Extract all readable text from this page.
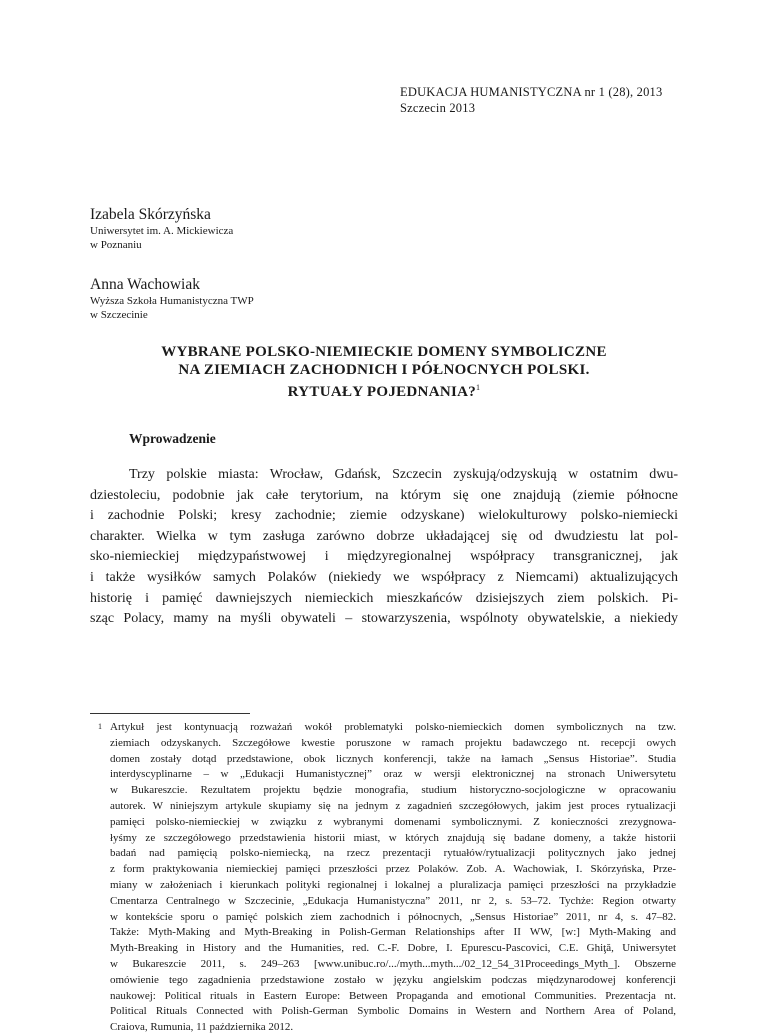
EDUKACJA HUMANISTYCZNA nr 1 (28), 2013
Szczecin 2013
Izabela Skórzyńska
Uniwersytet im. A. Mickiewicza
w Poznaniu
Anna Wachowiak
Wyższa Szkoła Humanistyczna TWP
w Szczecinie
WYBRANE POLSKO-NIEMIECKIE DOMENY SYMBOLICZNE
NA ZIEMIACH ZACHODNICH I PÓŁNOCNYCH POLSKI.
RYTUAŁY POJEDNANIA?$^1$
Wprowadzenie
Trzy polskie miasta: Wrocław, Gdańsk, Szczecin zyskują/odzyskują w ostatnim dwu-
dziestoleciu, podobnie jak całe terytorium, na którym się one znajdują (ziemie północne
i zachodnie Polski; kresy zachodnie; ziemie odzyskane) wielokulturowy polsko-niemiecki
charakter. Wielka w tym zasługa zarówno dobrze układającej się od dwudziestu lat pol-
sko-niemieckiej międzypaństwowej i międzyregionalnej współpracy transgranicznej, jak
i także wysiłków samych Polaków (niekiedy we współpracy z Niemcami) aktualizujących
historię i pamięć dawniejszych niemieckich mieszkańców dzisiejszych ziem polskich. Pi-
sząc Polacy, mamy na myśli obywateli – stowarzyszenia, wspólnoty obywatelskie, a niekiedy
1 Artykuł jest kontynuacją rozważań wokół problematyki polsko-niemieckich domen symbolicznych na tzw.
ziemiach odzyskanych. Szczegółowe kwestie poruszone w ramach projektu badawczego nt. recepcji owych
domen zostały dotąd przedstawione, obok licznych konferencji, także na łamach „Sensus Historiae”. Studia
interdyscyplinarne – w „Edukacji Humanistycznej” oraz w wersji elektronicznej na stronach Uniwersytetu
w Bukareszcie. Rezultatem projektu będzie monografia, studium historyczno-socjologiczne w opracowaniu
autorek. W niniejszym artykule skupiamy się na jednym z zagadnień szczegółowych, jakim jest proces rytualizacji
pamięci polsko-niemieckiej w związku z wybranymi domenami symbolicznymi. Z konieczności zrezygnowa-
łyśmy ze szczegółowego przedstawienia historii miast, w których znajdują się badane domeny, a także historii
badań nad pamięcią polsko-niemiecką, na rzecz prezentacji rytuałów/rytualizacji politycznych jako jednej
z form praktykowania niemieckiej pamięci przeszłości przez Polaków. Zob. A. Wachowiak, I. Skórzyńska, Prze-
miany w założeniach i kierunkach polityki regionalnej i lokalnej a pluralizacja pamięci przeszłości na przykładzie
Cmentarza Centralnego w Szczecinie, „Edukacja Humanistyczna” 2011, nr 2, s. 53–72. Tychże: Region otwarty
w kontekście sporu o pamięć polskich ziem zachodnich i północnych, „Sensus Historiae” 2011, nr 4, s. 47–82.
Także: Myth-Making and Myth-Breaking in Polish-German Relationships after II WW, [w:] Myth-Making and
Myth-Breaking in History and the Humanities, red. C.-F. Dobre, I. Epurescu-Pascovici, C.E. Ghiţă, Uniwersytet
w Bukareszcie 2011, s. 249–263 [www.unibuc.ro/.../myth...myth.../02_12_54_31Proceedings_Myth_]. Obszerne
omówienie tego zagadnienia przedstawione zostało w języku angielskim podczas międzynarodowej konferencji
naukowej: Political rituals in Eastern Europe: Between Propaganda and emotional Communities. Prezentacja nt.
Political Rituals Connected with Polish-German Symbolic Domains in Western and Northern Area of Poland,
Craiova, Rumunia, 11 października 2012.
